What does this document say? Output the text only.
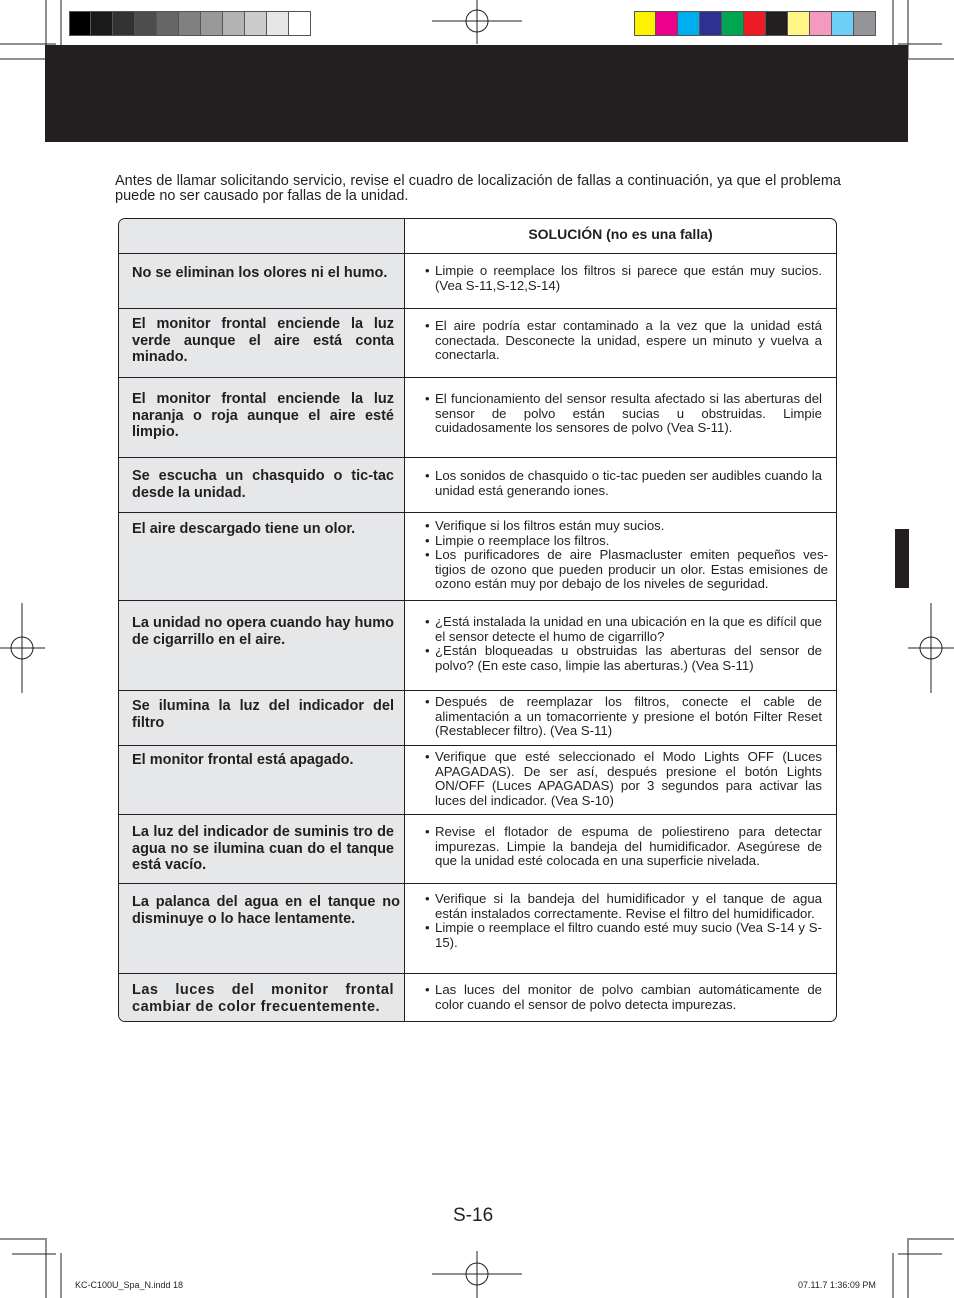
Antes de llamar solicitando servicio, revise el cuadro de localización de fallas a continuación, ya que el problema puede no ser causado por fallas de la unidad.

SOLUCIÓN (no es una falla)
No se eliminan los olores ni el humo.	• Limpie o reemplace los filtros si parece que están muy sucios. (Vea S-11,S-12,S-14)
El monitor frontal enciende la luz verde aunque el aire está conta minado.
• El aire podría estar contaminado a la vez que la unidad está conectada. Desconecte la unidad, espere un minuto y vuelva a conectarla.
El monitor frontal enciende la luz naranja o roja aunque el aire esté limpio.
• El funcionamiento del sensor resulta afectado si las aberturas del sensor de polvo están sucias u obstruidas. Limpie cuidadosamente los sensores de polvo (Vea S-11).
Se escucha un chasquido o tic-tac desde la unidad.
• Los sonidos de chasquido o tic-tac pueden ser audibles cuando la unidad está generando iones.
El aire descargado tiene un olor.	• Verifique si los filtros están muy sucios.
• Limpie o reemplace los filtros.
• Los purificadores de aire Plasmacluster emiten pequeños ves- tigios de ozono que pueden producir un olor. Estas emisiones de ozono están muy por debajo de los niveles de seguridad.
La unidad no opera cuando hay humo de cigarrillo en el aire.
• ¿Está instalada la unidad en una ubicación en la que es difícil que el sensor detecte el humo de cigarrillo?
• ¿Están bloqueadas u obstruidas las aberturas del sensor de polvo? (En este caso, limpie las aberturas.) (Vea S-11)
Se ilumina la luz del indicador del filtro
• Después de reemplazar los filtros, conecte el cable de alimentación a un tomacorriente y presione el botón Filter Reset (Restablecer filtro). (Vea S-11)
El monitor frontal está apagado.	• Verifique que esté seleccionado el Modo Lights OFF (Luces APAGADAS). De ser así, después presione el botón Lights ON/OFF (Luces APAGADAS) por 3 segundos para activar las luces del indicador. (Vea S-10)
La luz del indicador de suminis tro de agua no se ilumina cuan do el tanque está vacío.
• Revise el flotador de espuma de poliestireno para detectar impurezas. Limpie la bandeja del humidificador. Asegúrese de que la unidad esté colocada en una superficie nivelada.
La palanca del agua en el tanque no disminuye o lo hace lentamente.
• Verifique si la bandeja del humidificador y el tanque de agua están instalados correctamente. Revise el filtro del humidificador.
• Limpie o reemplace el filtro cuando esté muy sucio (Vea S-14 y S-15).
Las luces del monitor frontal cambiar de color frecuentemente.
• Las luces del monitor de polvo cambian automáticamente de color cuando el sensor de polvo detecta impurezas.
S-16
KC-C100U_Spa_N.indd 18	07.11.7 1:36:09 PM
